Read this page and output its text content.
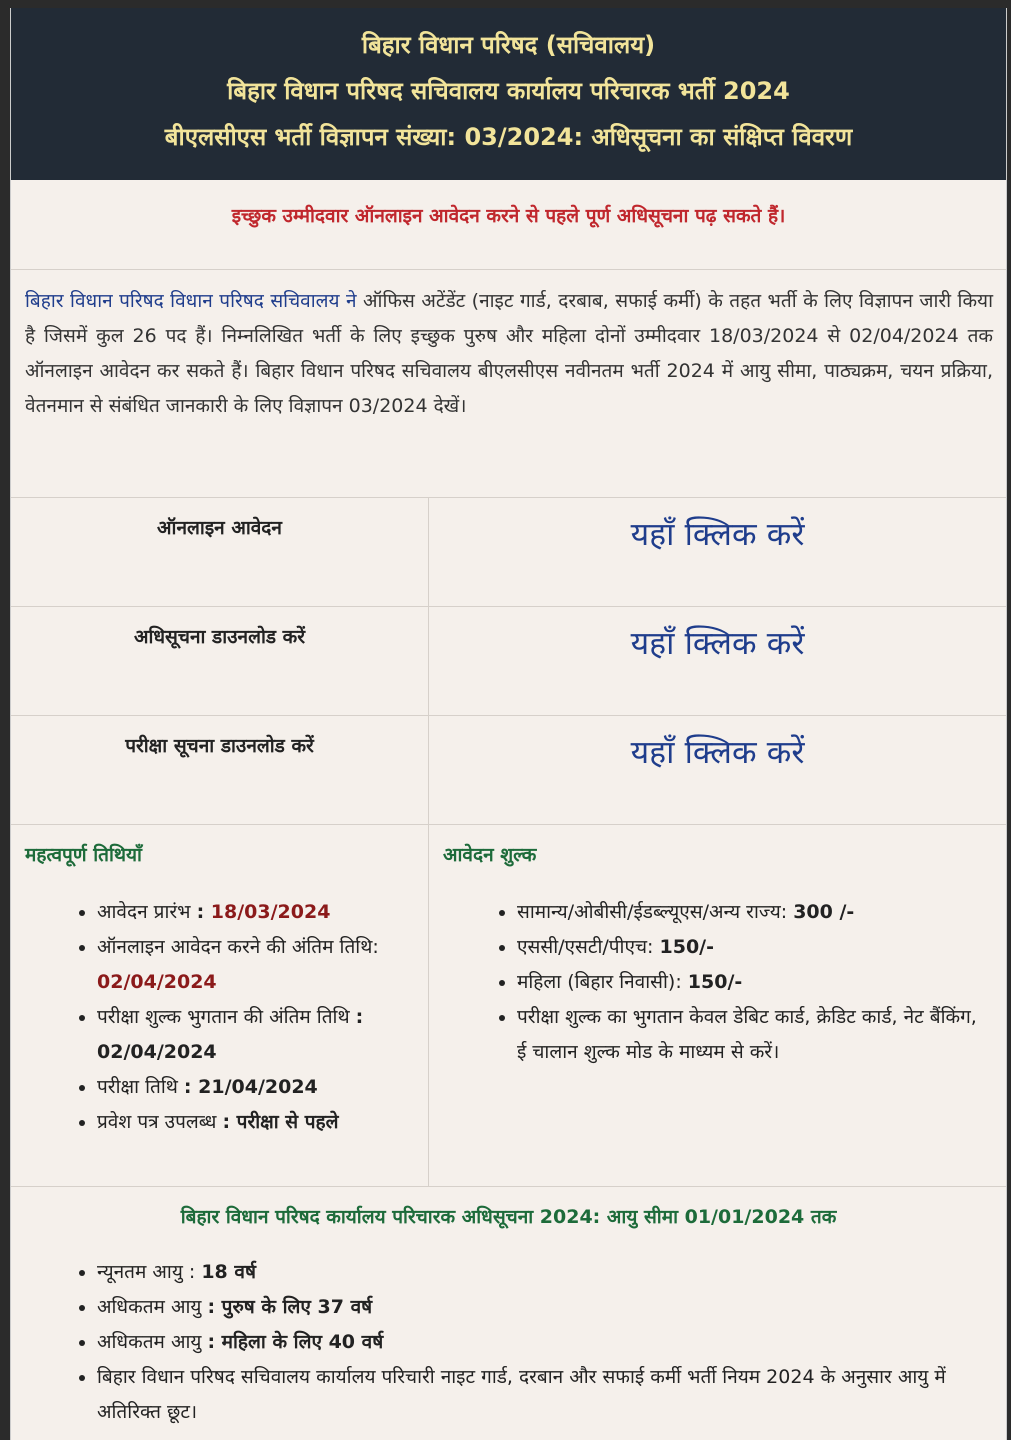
बिहार विधान परिषद (सचिवालय)
बिहार विधान परिषद सचिवालय कार्यालय परिचारक भर्ती 2024
बीएलसीएस भर्ती विज्ञापन संख्या: 03/2024: अधिसूचना का संक्षिप्त विवरण
इच्छुक उम्मीदवार ऑनलाइन आवेदन करने से पहले पूर्ण अधिसूचना पढ़ सकते हैं।
बिहार विधान परिषद विधान परिषद सचिवालय ने ऑफिस अटेंडेंट (नाइट गार्ड, दरबाब, सफाई कर्मी) के तहत भर्ती के लिए विज्ञापन जारी किया है जिसमें कुल 26 पद हैं। निम्नलिखित भर्ती के लिए इच्छुक पुरुष और महिला दोनों उम्मीदवार 18/03/2024 से 02/04/2024 तक ऑनलाइन आवेदन कर सकते हैं। बिहार विधान परिषद सचिवालय बीएलसीएस नवीनतम भर्ती 2024 में आयु सीमा, पाठ्यक्रम, चयन प्रक्रिया, वेतनमान से संबंधित जानकारी के लिए विज्ञापन 03/2024 देखें।
ऑनलाइन आवेदन	यहाँ क्लिक करें
अधिसूचना डाउनलोड करें	यहाँ क्लिक करें
परीक्षा सूचना डाउनलोड करें	यहाँ क्लिक करें
महत्वपूर्ण तिथियाँ
• आवेदन प्रारंभ : 18/03/2024
• ऑनलाइन आवेदन करने की अंतिम तिथि: 02/04/2024
• परीक्षा शुल्क भुगतान की अंतिम तिथि : 02/04/2024
• परीक्षा तिथि : 21/04/2024
• प्रवेश पत्र उपलब्ध : परीक्षा से पहले
आवेदन शुल्क
• सामान्य/ओबीसी/ईडब्ल्यूएस/अन्य राज्य: 300 /-
• एससी/एसटी/पीएच: 150/-
• महिला (बिहार निवासी): 150/-
• परीक्षा शुल्क का भुगतान केवल डेबिट कार्ड, क्रेडिट कार्ड, नेट बैंकिंग, ई चालान शुल्क मोड के माध्यम से करें।
बिहार विधान परिषद कार्यालय परिचारक अधिसूचना 2024: आयु सीमा 01/01/2024 तक
• न्यूनतम आयु : 18 वर्ष
• अधिकतम आयु : पुरुष के लिए 37 वर्ष
• अधिकतम आयु : महिला के लिए 40 वर्ष
• बिहार विधान परिषद सचिवालय कार्यालय परिचारी नाइट गार्ड, दरबान और सफाई कर्मी भर्ती नियम 2024 के अनुसार आयु में अतिरिक्त छूट।
